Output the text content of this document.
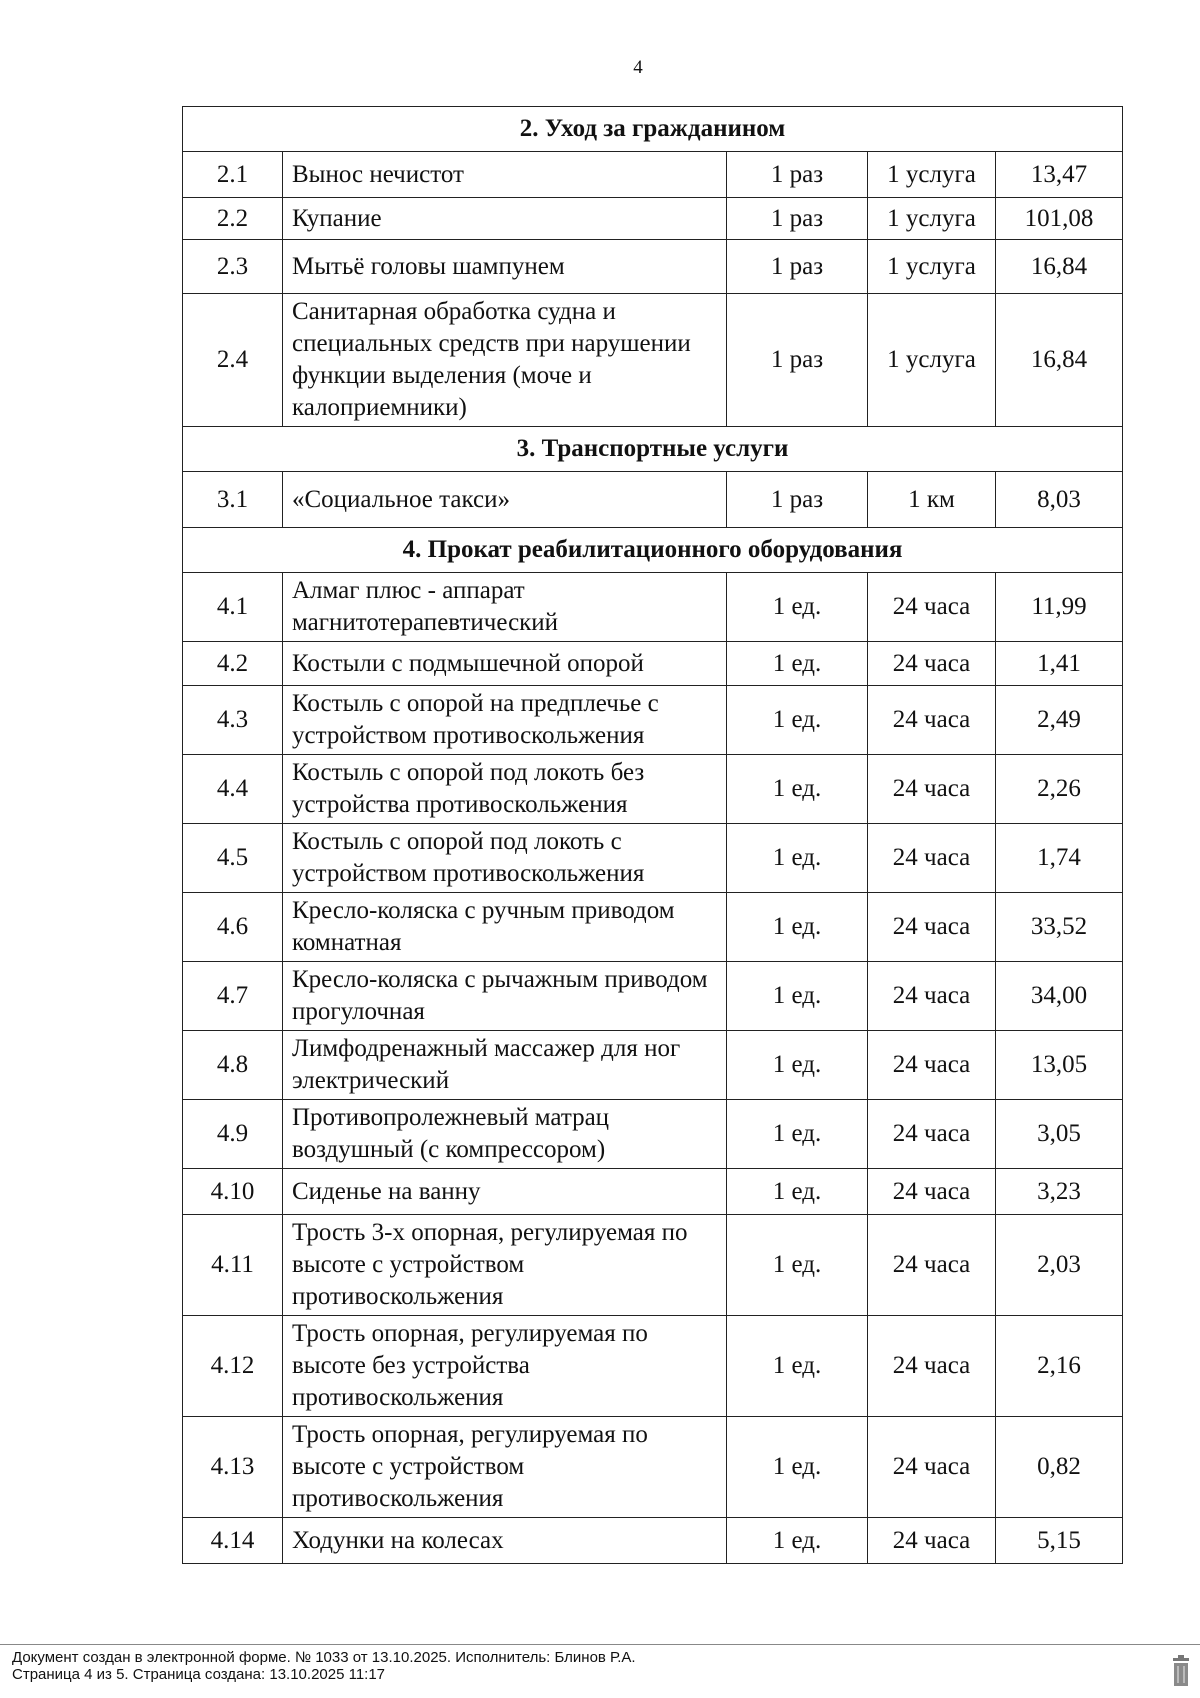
4
2. Уход за гражданином				
2.1	Вынос нечистот	1 раз	1 услуга	13,47
2.2	Купание	1 раз	1 услуга	101,08
2.3	Мытьё головы шампунем	1 раз	1 услуга	16,84
2.4	Санитарная обработка судна и специальных средств при нарушении функции выделения (моче и калоприемники)	1 раз	1 услуга	16,84
3. Транспортные услуги				
3.1	«Социальное такси»	1 раз	1 км	8,03
4. Прокат реабилитационного оборудования				
4.1	Алмаг плюс - аппарат магнитотерапевтический	1 ед.	24 часа	11,99
4.2	Костыли с подмышечной опорой	1 ед.	24 часа	1,41
4.3	Костыль с опорой на предплечье с устройством противоскольжения	1 ед.	24 часа	2,49
4.4	Костыль с опорой под локоть без устройства противоскольжения	1 ед.	24 часа	2,26
4.5	Костыль с опорой под локоть с устройством противоскольжения	1 ед.	24 часа	1,74
4.6	Кресло-коляска с ручным приводом комнатная	1 ед.	24 часа	33,52
4.7	Кресло-коляска с рычажным приводом прогулочная	1 ед.	24 часа	34,00
4.8	Лимфодренажный массажер для ног электрический	1 ед.	24 часа	13,05
4.9	Противопролежневый матрац воздушный (с компрессором)	1 ед.	24 часа	3,05
4.10	Сиденье на ванну	1 ед.	24 часа	3,23
4.11	Трость 3-х опорная, регулируемая по высоте с устройством противоскольжения	1 ед.	24 часа	2,03
4.12	Трость опорная, регулируемая по высоте без устройства противоскольжения	1 ед.	24 часа	2,16
4.13	Трость опорная, регулируемая по высоте с устройством противоскольжения	1 ед.	24 часа	0,82
4.14	Ходунки на колесах	1 ед.	24 часа	5,15
Документ создан в электронной форме. № 1033 от 13.10.2025. Исполнитель: Блинов Р.А.
Страница 4 из 5. Страница создана: 13.10.2025 11:17
